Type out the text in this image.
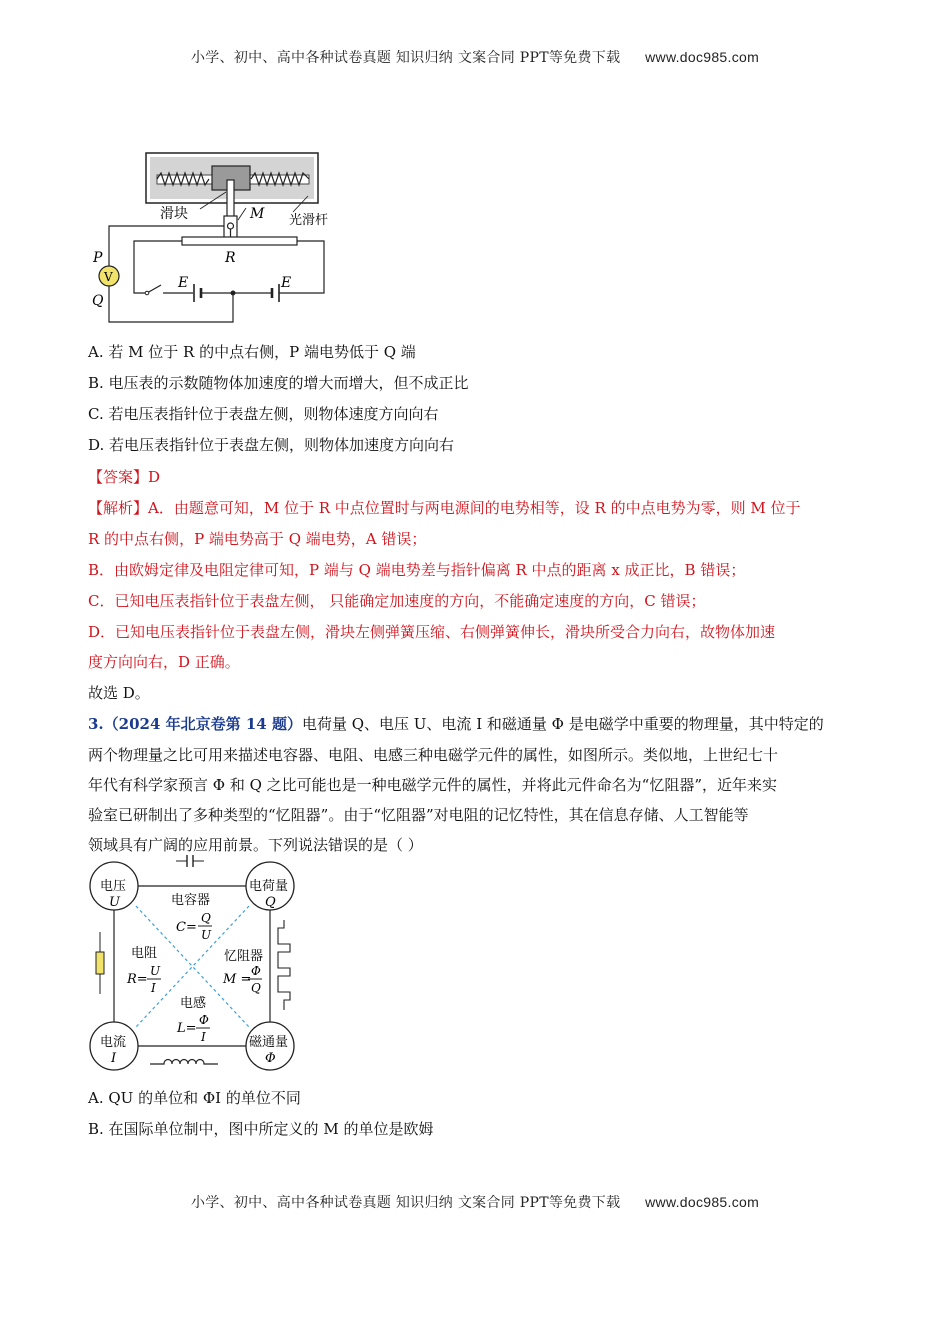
小学、初中、高中各种试卷真题 知识归纳 文案合同 PPT等免费下载 www.doc985.com
滑块	M 光滑杆
R
P
V
Q
E	E
A. 若 M 位于 R 的中点右侧，P 端电势低于 Q 端
B. 电压表的示数随物体加速度的增大而增大，但不成正比
C. 若电压表指针位于表盘左侧，则物体速度方向向右
D. 若电压表指针位于表盘左侧，则物体加速度方向向右
【答案】D
【解析】A．由题意可知，M 位于 R 中点位置时与两电源间的电势相等，设 R 的中点电势为零，则 M 位于
R 的中点右侧，P 端电势高于 Q 端电势，A 错误；
B．由欧姆定律及电阻定律可知，P 端与 Q 端电势差与指针偏离 R 中点的距离 x 成正比，B 错误；
C．已知电压表指针位于表盘左侧， 只能确定加速度的方向，不能确定速度的方向，C 错误；
D．已知电压表指针位于表盘左侧，滑块左侧弹簧压缩、右侧弹簧伸长，滑块所受合力向右，故物体加速
度方向向右，D 正确。
故选 D。
3.（2024 年北京卷第 14 题）电荷量 Q、电压 U、电流 I 和磁通量 Φ 是电磁学中重要的物理量，其中特定的
两个物理量之比可用来描述电容器、电阻、电感三种电磁学元件的属性，如图所示。类似地，上世纪七十
年代有科学家预言 Φ 和 Q 之比可能也是一种电磁学元件的属性，并将此元件命名为“忆阻器”，近年来实
验室已研制出了多种类型的“忆阻器”。由于“忆阻器”对电阻的记忆特性，其在信息存储、人工智能等
领域具有广阔的应用前景。下列说法错误的是（ ）
电压
U
电荷量
Q
电流
I
磁通量
Φ
电容器
C=
Q
U
电阻
R=
U
I
忆阻器
M =
Φ
Q
电感
L=
Φ
I
A. QU 的单位和 ΦI 的单位不同
B. 在国际单位制中，图中所定义的 M 的单位是欧姆
小学、初中、高中各种试卷真题 知识归纳 文案合同 PPT等免费下载 www.doc985.com
